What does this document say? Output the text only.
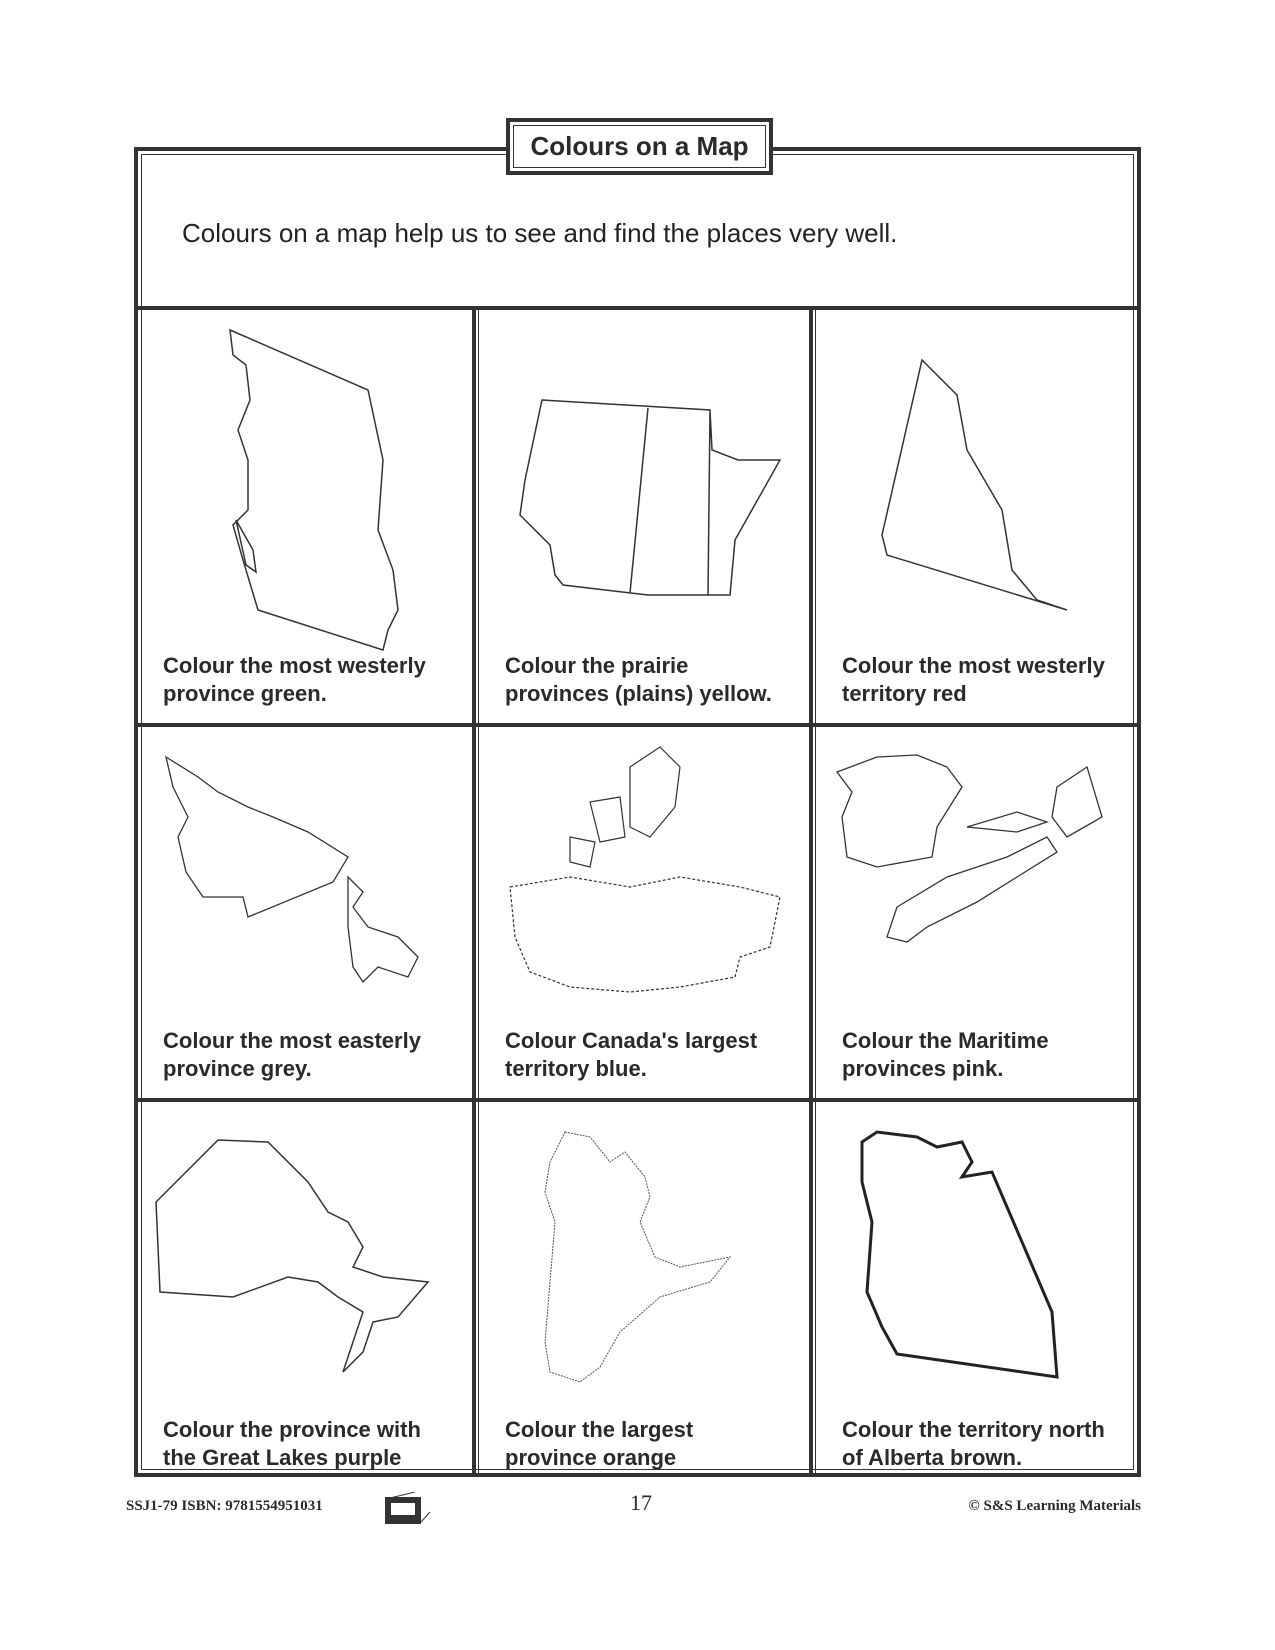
Colours on a Map
Colours on a map help us to see and find the places very well.
Colour the most westerly
province green.
Colour the prairie
provinces (plains) yellow.
Colour the most westerly
territory red
Colour the most easterly
province grey.
Colour Canada's largest
territory blue.
Colour the Maritime
provinces pink.
Colour the province with
the Great Lakes purple
Colour the largest
province orange
Colour the territory north
of Alberta brown.
SSJ1-79 ISBN: 9781554951031	17	© S&S Learning Materials
